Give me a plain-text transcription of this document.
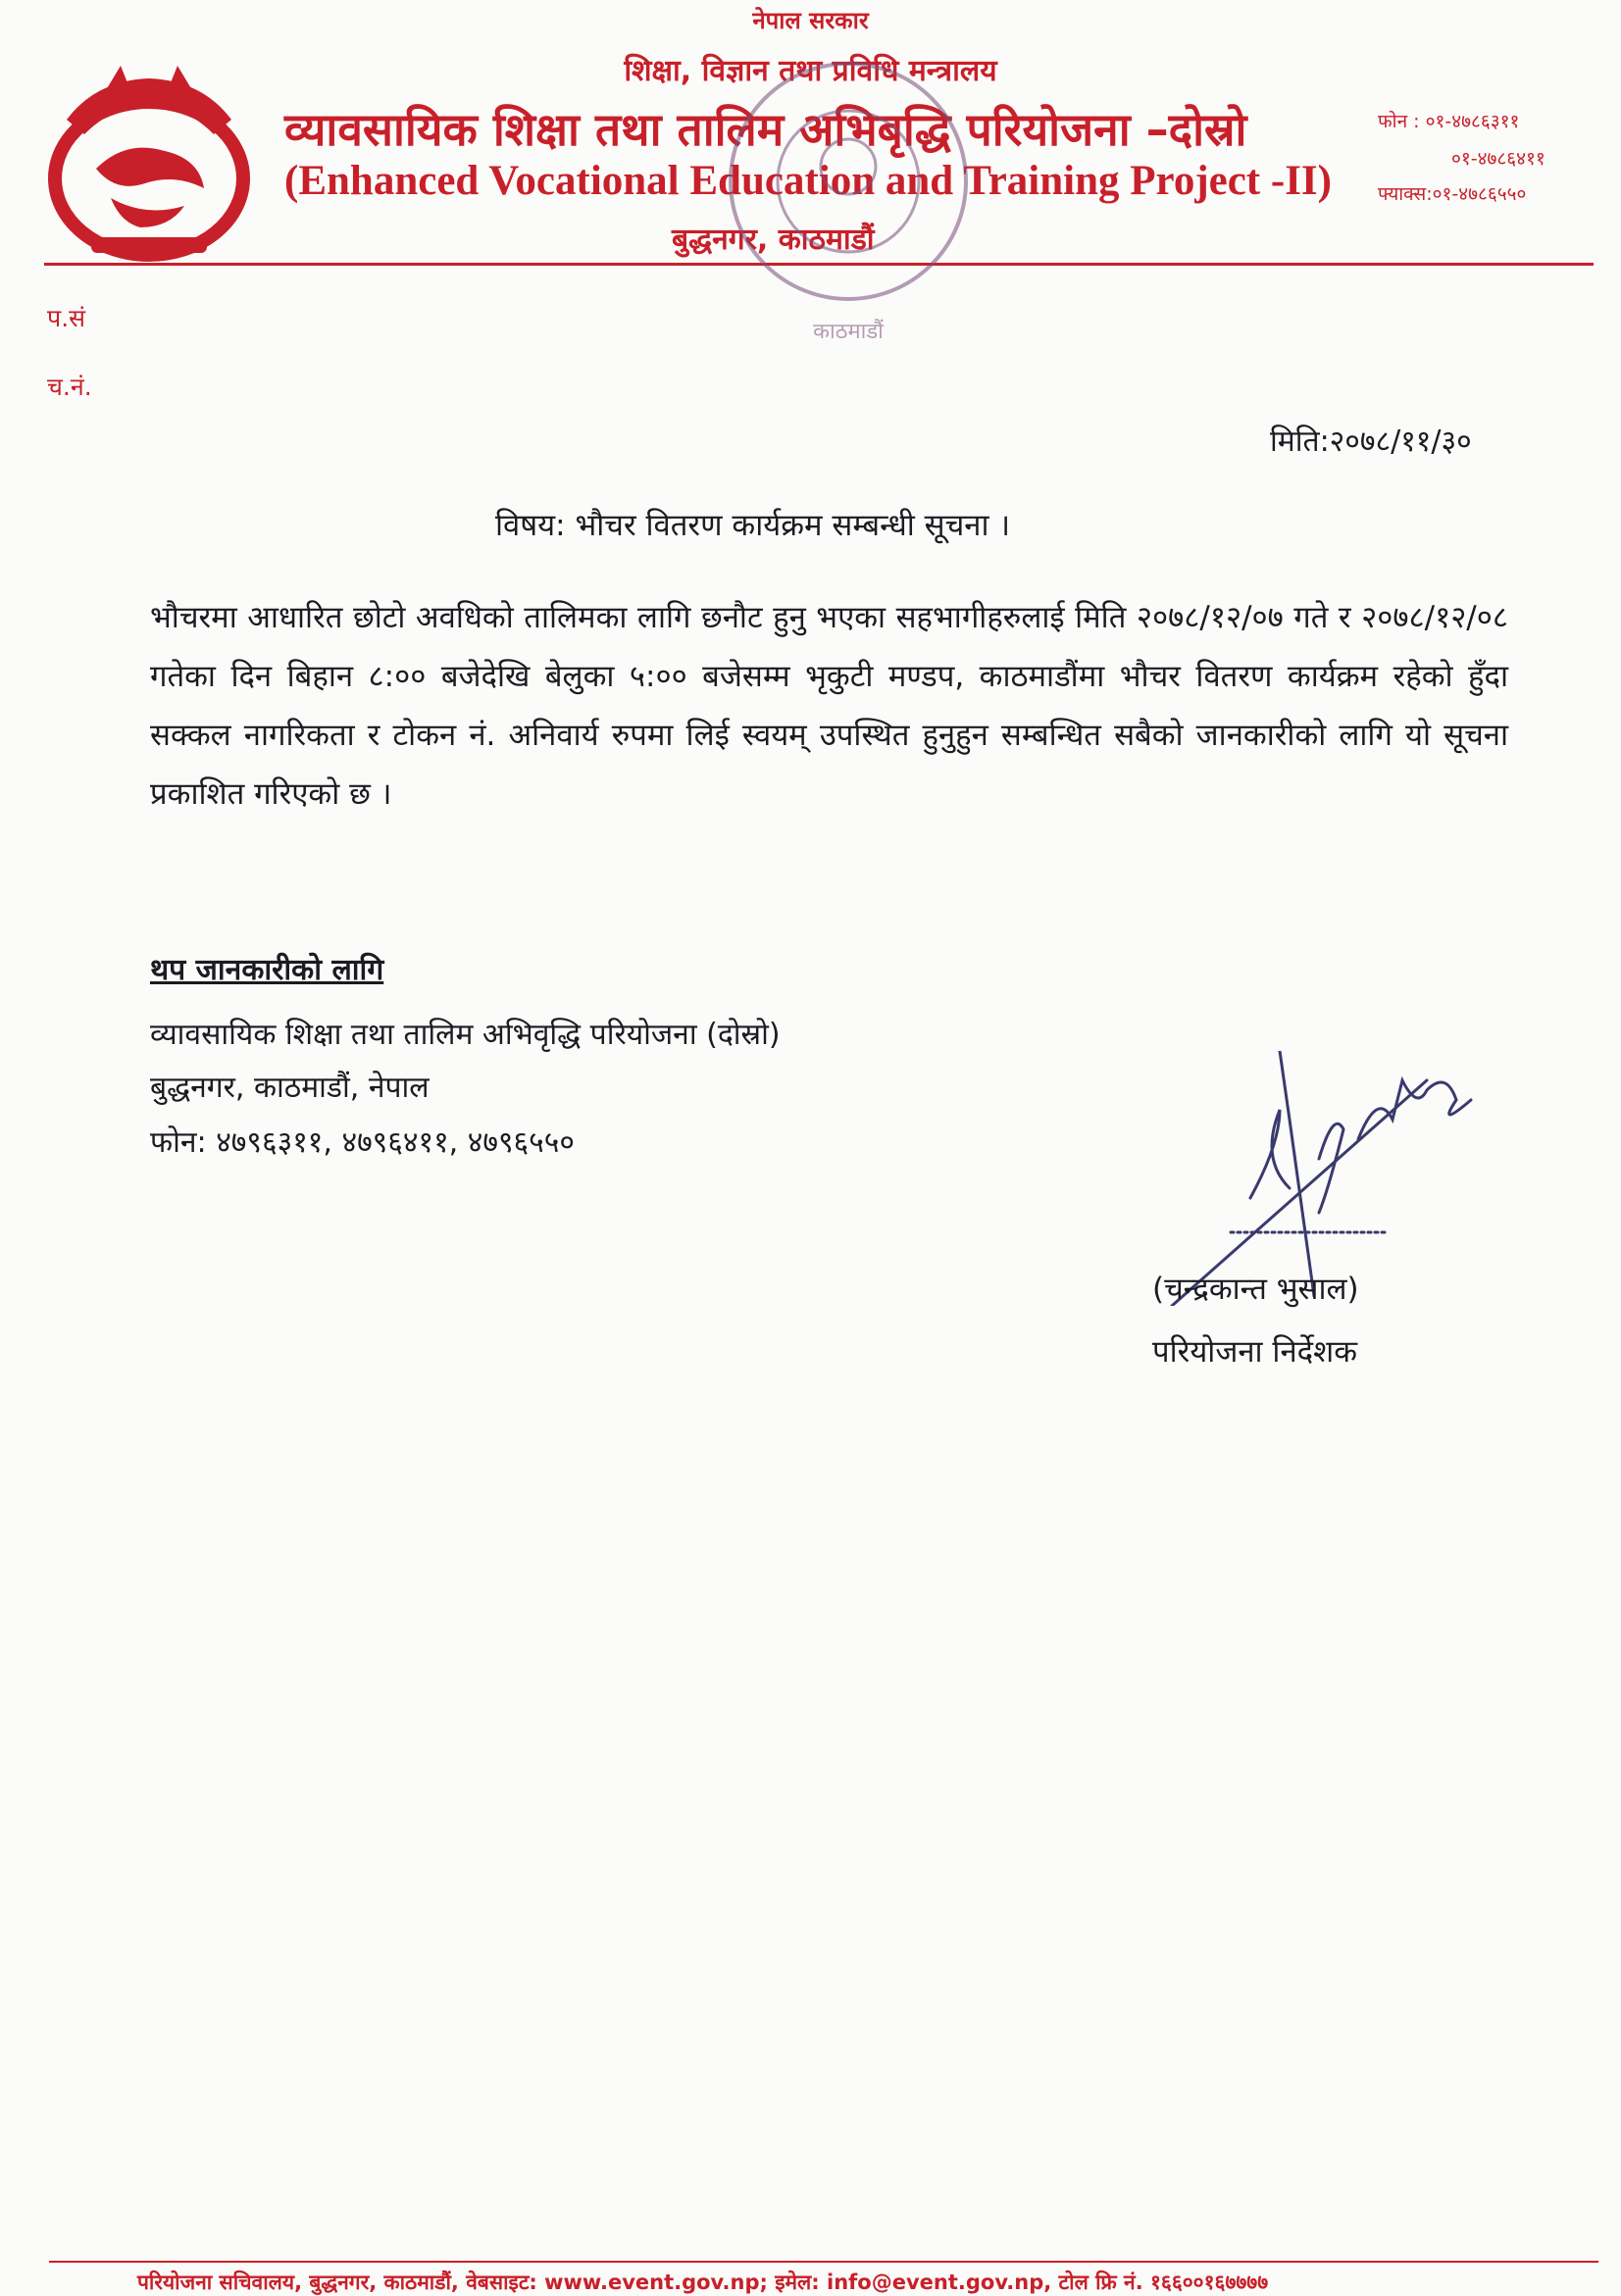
नेपाल सरकार
शिक्षा, विज्ञान तथा प्रविधि मन्त्रालय
व्यावसायिक शिक्षा तथा तालिम अभिबृद्धि परियोजना –दोस्रो
(Enhanced Vocational Education and Training Project -II)
बुद्धनगर, काठमाडौं
फोन : ०१-४७८६३११
०१-४७८६४११
फ्याक्स:०१-४७८६५५०
काठमाडौं
प.सं
च.नं.
मिति:२०७८/११/३०
विषय: भौचर वितरण कार्यक्रम सम्बन्धी सूचना ।
भौचरमा आधारित छोटो अवधिको तालिमका लागि छनौट हुनु भएका सहभागीहरुलाई मिति २०७८/१२/०७ गते र २०७८/१२/०८ गतेका दिन बिहान ८:०० बजेदेखि बेलुका ५:०० बजेसम्म भृकुटी मण्डप, काठमाडौंमा भौचर वितरण कार्यक्रम रहेको हुँदा सक्कल नागरिकता र टोकन नं. अनिवार्य रुपमा लिई स्वयम् उपस्थित हुनुहुन सम्बन्धित सबैको जानकारीको लागि यो सूचना प्रकाशित गरिएको छ ।
थप जानकारीको लागि
व्यावसायिक शिक्षा तथा तालिम अभिवृद्धि परियोजना (दोस्रो)
बुद्धनगर, काठमाडौं, नेपाल
फोन: ४७९६३११, ४७९६४११, ४७९६५५०
(चन्द्रकान्त भुसाल)
परियोजना निर्देशक
परियोजना सचिवालय, बुद्धनगर, काठमाडौं, वेबसाइट: www.event.gov.np; इमेल: info@event.gov.np, टोल फ्रि नं. १६६००१६७७७७
